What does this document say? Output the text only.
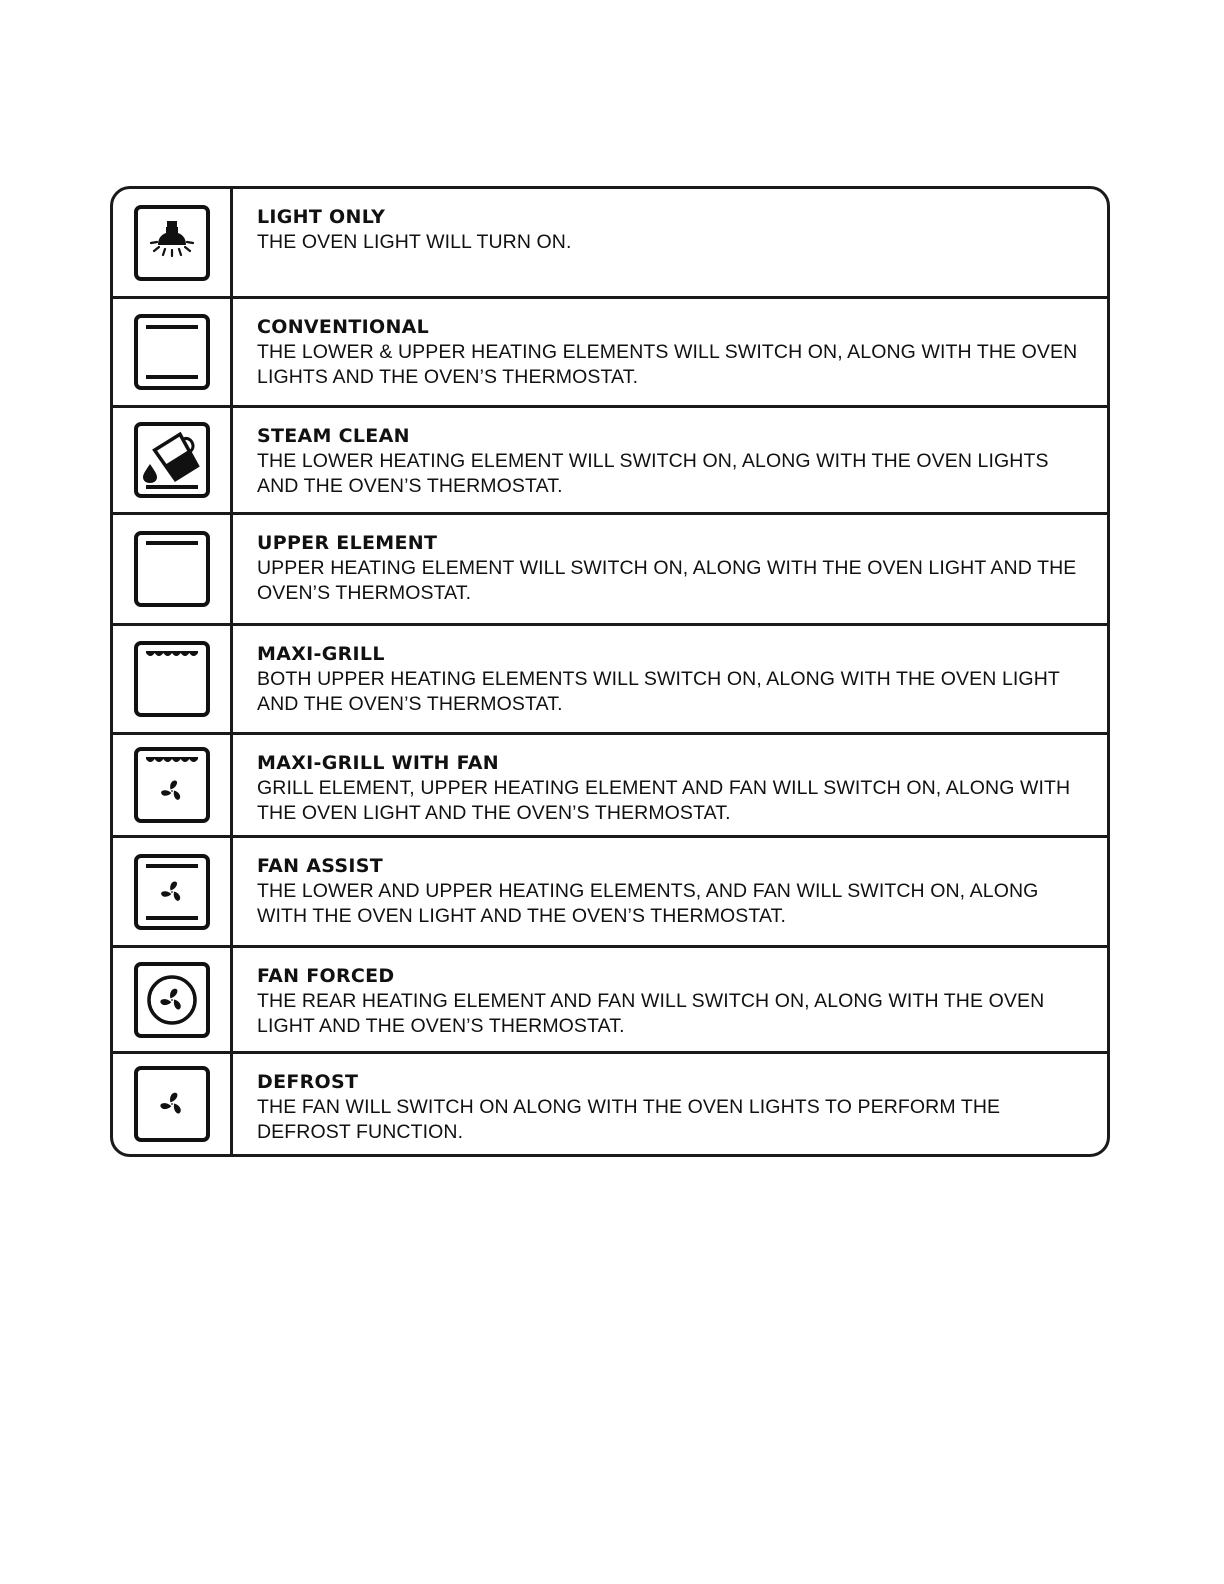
LIGHT ONLY
THE OVEN LIGHT WILL TURN ON.
CONVENTIONAL
THE LOWER & UPPER HEATING ELEMENTS WILL SWITCH ON, ALONG WITH THE OVEN LIGHTS AND THE OVEN’S THERMOSTAT.
STEAM CLEAN
THE LOWER HEATING ELEMENT WILL SWITCH ON, ALONG WITH THE OVEN LIGHTS AND THE OVEN’S THERMOSTAT.
UPPER ELEMENT
UPPER HEATING ELEMENT WILL SWITCH ON, ALONG WITH THE OVEN LIGHT AND THE OVEN’S THERMOSTAT.
MAXI-GRILL
BOTH UPPER HEATING ELEMENTS WILL SWITCH ON, ALONG WITH THE OVEN LIGHT AND THE OVEN’S THERMOSTAT.
MAXI-GRILL WITH FAN
GRILL ELEMENT, UPPER HEATING ELEMENT AND FAN WILL SWITCH ON, ALONG WITH THE OVEN LIGHT AND THE OVEN’S THERMOSTAT.
FAN ASSIST
THE LOWER AND UPPER HEATING ELEMENTS, AND FAN WILL SWITCH ON, ALONG WITH THE OVEN LIGHT AND THE OVEN’S THERMOSTAT.
FAN FORCED
THE REAR HEATING ELEMENT AND FAN WILL SWITCH ON, ALONG WITH THE OVEN LIGHT AND THE OVEN’S THERMOSTAT.
DEFROST
THE FAN WILL SWITCH ON ALONG WITH THE OVEN LIGHTS TO PERFORM THE DEFROST FUNCTION.
